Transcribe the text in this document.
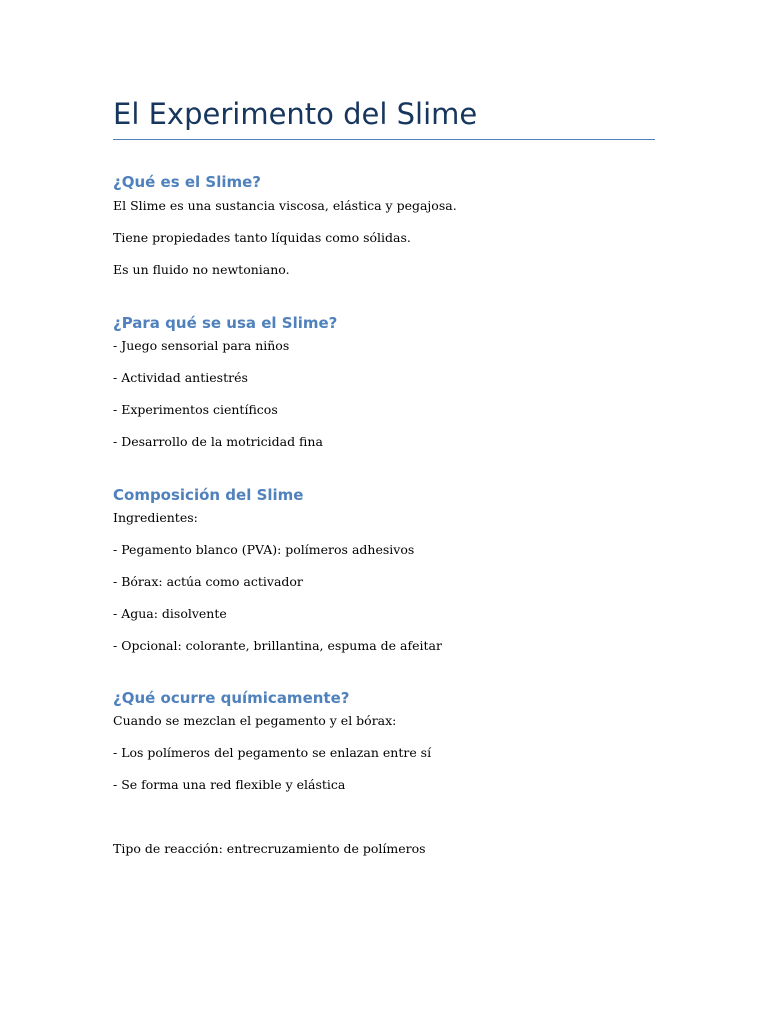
El Experimento del Slime
¿Qué es el Slime?

El Slime es una sustancia viscosa, elástica y pegajosa.

Tiene propiedades tanto líquidas como sólidas.

Es un fluido no newtoniano.

¿Para qué se usa el Slime?

- Juego sensorial para niños

- Actividad antiestrés

- Experimentos científicos

- Desarrollo de la motricidad fina

Composición del Slime

Ingredientes:

- Pegamento blanco (PVA): polímeros adhesivos

- Bórax: actúa como activador

- Agua: disolvente

- Opcional: colorante, brillantina, espuma de afeitar

¿Qué ocurre químicamente?

Cuando se mezclan el pegamento y el bórax:

- Los polímeros del pegamento se enlazan entre sí

- Se forma una red flexible y elástica

Tipo de reacción: entrecruzamiento de polímeros
